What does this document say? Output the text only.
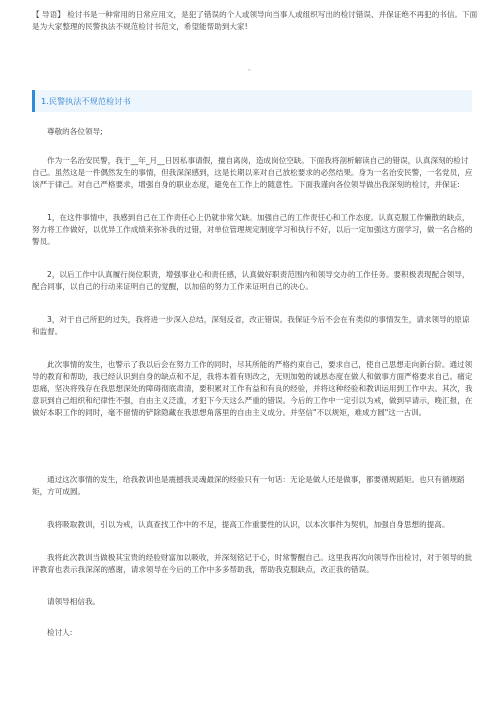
【 导语】 检讨书是一种常用的日常应用文，是犯了错误的个人或领导向当事人或组织写出的检讨错误、并保证绝不再犯的书信。下面是为大家整理的民警执法不规范检讨书范文，希望能帮助到大家!
。
1.民警执法不规范检讨书

尊敬的各位领导;

作为一名治安民警，我于__年_月__日因私事请假，擅自离岗，造成岗位空缺。下面我将剖析解读自己的错误，认真深刻的检讨自己。虽然这是一件偶然发生的事情，但我深深感到，这是长期以来对自己放松要求的必然结果。身为一名治安民警，一名党员，应该严于律己。对自己严格要求，增强自身的职业态度，避免在工作上的随意性。下面我谨向各位领导做出我深刻的检讨，并保证:

1，在这件事情中，我感到自己在工作责任心上仍就非常欠缺。加强自己的工作责任心和工作态度。认真克服工作懒散的缺点，努力将工作做好，以优异工作成绩来弥补我的过错，对单位管理规定制度学习和执行不好，以后一定加强这方面学习，做一名合格的警员。

2，以后工作中认真履行岗位职责，增强事业心和责任感，认真做好职责范围内和领导交办的工作任务。要积极表现配合领导，配合同事，以自己的行动来证明自己的觉醒，以加倍的努力工作来证明自己的决心。

3，对于自己所犯的过失，我将进一步深入总结，深刻反省，改正错误。我保证今后不会在有类似的事情发生，请求领导的原谅和监督。

此次事情的发生，也警示了我以后会在努力工作的同时，尽其所能的严格约束自己，要求自己，使自己思想走向新台阶。通过领导的教育和帮助，我已经认识到自身的缺点和不足，我将本着有则改之，无则加勉的诚恳态度在做人和做事方面严格要求自己。痛定思痛，坚决将残存在我思想深处的障碍彻底肃清，要积累对工作有益和有良的经验，并将这种经验和教训运用到工作中去。其次，我意识到自己组织和纪律性不强，自由主义泛滥，才犯下今天这么严重的错误。今后的工作中一定引以为戒，做到早请示，晚汇报，在做好本职工作的同时，毫不留情的铲除隐藏在我思想角落里的自由主义成分。并坚信"不以规矩，难成方圆"这一古训。

通过这次事情的发生，给我教训也是震撼我灵魂最深的经验只有一句话：无论是做人还是做事，都要循规蹈矩。也只有循规蹈矩，方可成圆。

我将吸取教训，引以为戒，认真查找工作中的不足，提高工作重要性的认识，以本次事件为契机，加强自身思想的提高。

我将此次教训当做极其宝贵的经验财富加以吸收，并深刻铭记于心，时常警醒自己。这里我再次向领导作出检讨，对于领导的批评教育也表示我深深的感谢，请求领导在今后的工作中多多帮助我，帮助我克服缺点，改正我的错误。

请领导相信我。

检讨人:
